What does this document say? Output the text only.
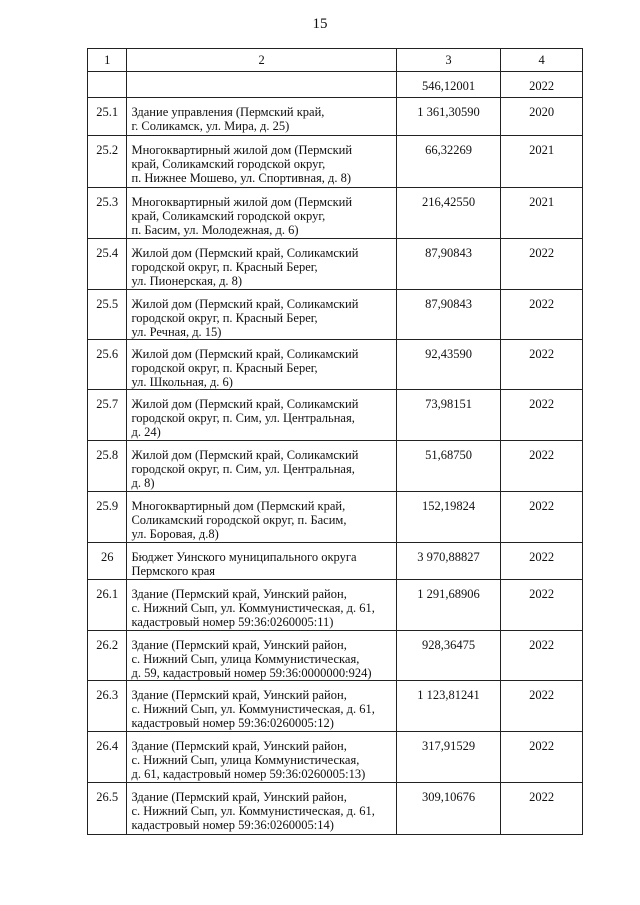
15
1	2	3	4
		546,12001	2022
25.1	Здание управления (Пермский край,
г. Соликамск, ул. Мира, д. 25)	1 361,30590	2020
25.2	Многоквартирный жилой дом (Пермский
край, Соликамский городской округ,
п. Нижнее Мошево, ул. Спортивная, д. 8)	66,32269	2021
25.3	Многоквартирный жилой дом (Пермский
край, Соликамский городской округ,
п. Басим, ул. Молодежная, д. 6)	216,42550	2021
25.4	Жилой дом (Пермский край, Соликамский
городской округ, п. Красный Берег,
ул. Пионерская, д. 8)	87,90843	2022
25.5	Жилой дом (Пермский край, Соликамский
городской округ, п. Красный Берег,
ул. Речная, д. 15)	87,90843	2022
25.6	Жилой дом (Пермский край, Соликамский
городской округ, п. Красный Берег,
ул. Школьная, д. 6)	92,43590	2022
25.7	Жилой дом (Пермский край, Соликамский
городской округ, п. Сим, ул. Центральная,
д. 24)	73,98151	2022
25.8	Жилой дом (Пермский край, Соликамский
городской округ, п. Сим, ул. Центральная,
д. 8)	51,68750	2022
25.9	Многоквартирный дом (Пермский край,
Соликамский городской округ, п. Басим,
ул. Боровая, д.8)	152,19824	2022
26	Бюджет Уинского муниципального округа
Пермского края	3 970,88827	2022
26.1	Здание (Пермский край, Уинский район,
с. Нижний Сып, ул. Коммунистическая, д. 61,
кадастровый номер 59:36:0260005:11)	1 291,68906	2022
26.2	Здание (Пермский край, Уинский район,
с. Нижний Сып, улица Коммунистическая,
д. 59, кадастровый номер 59:36:0000000:924)	928,36475	2022
26.3	Здание (Пермский край, Уинский район,
с. Нижний Сып, ул. Коммунистическая, д. 61,
кадастровый номер 59:36:0260005:12)	1 123,81241	2022
26.4	Здание (Пермский край, Уинский район,
с. Нижний Сып, улица Коммунистическая,
д. 61, кадастровый номер 59:36:0260005:13)	317,91529	2022
26.5	Здание (Пермский край, Уинский район,
с. Нижний Сып, ул. Коммунистическая, д. 61,
кадастровый номер 59:36:0260005:14)	309,10676	2022
